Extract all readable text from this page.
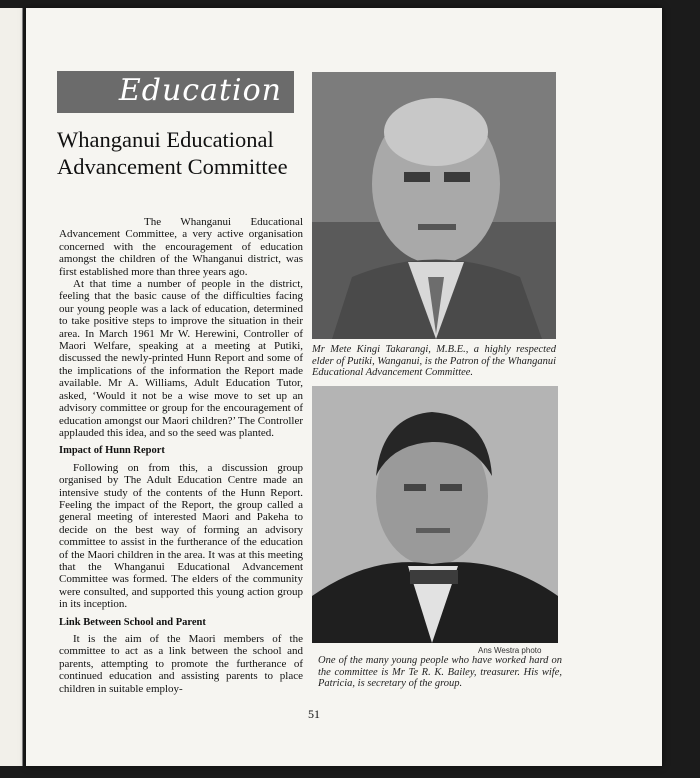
Education
Whanganui Educational Advancement Committee

The Whanganui Educational Advancement Committee, a very active organisation concerned with the encouragement of education amongst the children of the Whanganui district, was first established more than three years ago.

At that time a number of people in the district, feeling that the basic cause of the difficulties facing our young people was a lack of education, determined to take positive steps to improve the situation in their area. In March 1961 Mr W. Herewini, Controller of Maori Welfare, speaking at a meeting at Putiki, discussed the newly-printed Hunn Report and some of the implications of the information the Report made available. Mr A. Williams, Adult Education Tutor, asked, ‘Would it not be a wise move to set up an advisory committee or group for the encouragement of education amongst our Maori children?’ The Controller applauded this idea, and so the seed was planted.

Impact of Hunn Report

Following on from this, a discussion group organised by The Adult Education Centre made an intensive study of the contents of the Hunn Report. Feeling the impact of the Report, the group called a general meeting of interested Maori and Pakeha to decide on the best way of forming an advisory committee to assist in the furtherance of the education of the Maori children in the area. It was at this meeting that the Whanganui Educational Advancement Committee was formed. The elders of the community were consulted, and supported this young action group in its inception.

Link Between School and Parent

It is the aim of the Maori members of the committee to act as a link between the school and parents, attempting to promote the furtherance of continued education and assisting parents to place children in suitable employ-

Mr Mete Kingi Takarangi, M.B.E., a highly respected elder of Putiki, Wanganui, is the Patron of the Whanganui Educational Advancement Committee.
Ans Westra photo
One of the many young people who have worked hard on the committee is Mr Te R. K. Bailey, treasurer. His wife, Patricia, is secretary of the group.
51
